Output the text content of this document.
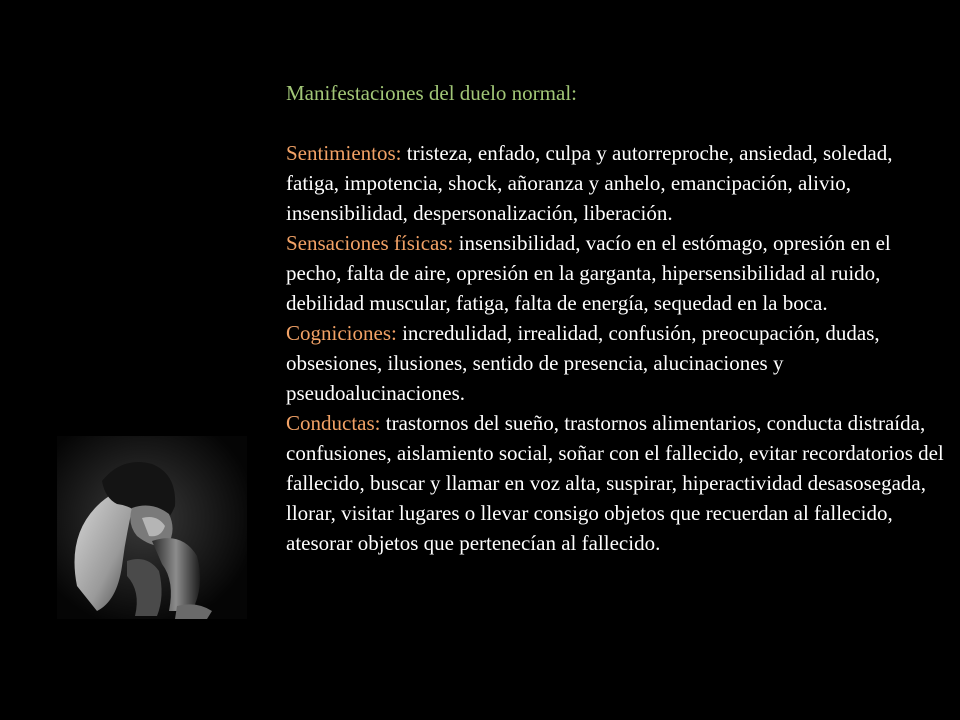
Manifestaciones del duelo normal:

Sentimientos: tristeza, enfado, culpa y autorreproche, ansiedad, soledad, fatiga, impotencia, shock, añoranza y anhelo, emancipación, alivio, insensibilidad, despersonalización, liberación.

Sensaciones físicas: insensibilidad, vacío en el estómago, opresión en el pecho, falta de aire, opresión en la garganta, hipersensibilidad al ruido, debilidad muscular, fatiga, falta de energía, sequedad en la boca.

Cogniciones: incredulidad, irrealidad, confusión, preocupación, dudas, obsesiones, ilusiones, sentido de presencia, alucinaciones y pseudoalucinaciones.

Conductas: trastornos del sueño, trastornos alimentarios, conducta distraída, confusiones, aislamiento social, soñar con el fallecido, evitar recordatorios del fallecido, buscar y llamar en voz alta, suspirar, hiperactividad desasosegada, llorar, visitar lugares o llevar consigo objetos que recuerdan al fallecido, atesorar objetos que pertenecían al fallecido.
